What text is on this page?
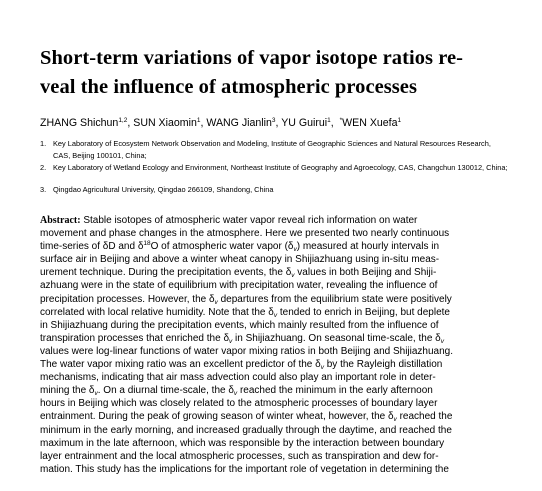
Short-term variations of vapor isotope ratios re-
veal the influence of atmospheric processes
ZHANG Shichun$^{1,2}$, SUN Xiaomin$^1$, WANG Jianlin$^3$, YU Guirui$^1$,  *WEN Xuefa$^1$
1. Key Laboratory of Ecosystem Network Observation and Modeling, Institute of Geographic Sciences and Natural Resources Research, CAS, Beijing 100101, China;
2. Key Laboratory of Wetland Ecology and Environment, Northeast Institute of Geography and Agroecology, CAS, Changchun 130012, China;
3. Qingdao Agricultural University, Qingdao 266109, Shandong, China
Abstract: Stable isotopes of atmospheric water vapor reveal rich information on water
movement and phase changes in the atmosphere. Here we presented two nearly continuous
time-series of δD and $\delta^{18}O$ of atmospheric water vapor $(\delta_v)$ measured at hourly intervals in
surface air in Beijing and above a winter wheat canopy in Shijiazhuang using in-situ meas-
urement technique. During the precipitation events, the $\delta_v$ values in both Beijing and Shiji-
azhuang were in the state of equilibrium with precipitation water, revealing the influence of
precipitation processes. However, the $\delta_v$ departures from the equilibrium state were positively
correlated with local relative humidity. Note that the $\delta_v$ tended to enrich in Beijing, but deplete
in Shijiazhuang during the precipitation events, which mainly resulted from the influence of
transpiration processes that enriched the $\delta_v$ in Shijiazhuang. On seasonal time-scale, the $\delta_v$
values were log-linear functions of water vapor mixing ratios in both Beijing and Shijiazhuang.
The water vapor mixing ratio was an excellent predictor of the $\delta_v$ by the Rayleigh distillation
mechanisms, indicating that air mass advection could also play an important role in deter-
mining the $\delta_v$. On a diurnal time-scale, the $\delta_v$ reached the minimum in the early afternoon
hours in Beijing which was closely related to the atmospheric processes of boundary layer
entrainment. During the peak of growing season of winter wheat, however, the $\delta_v$ reached the
minimum in the early morning, and increased gradually through the daytime, and reached the
maximum in the late afternoon, which was responsible by the interaction between boundary
layer entrainment and the local atmospheric processes, such as transpiration and dew for-
mation. This study has the implications for the important role of vegetation in determining the
